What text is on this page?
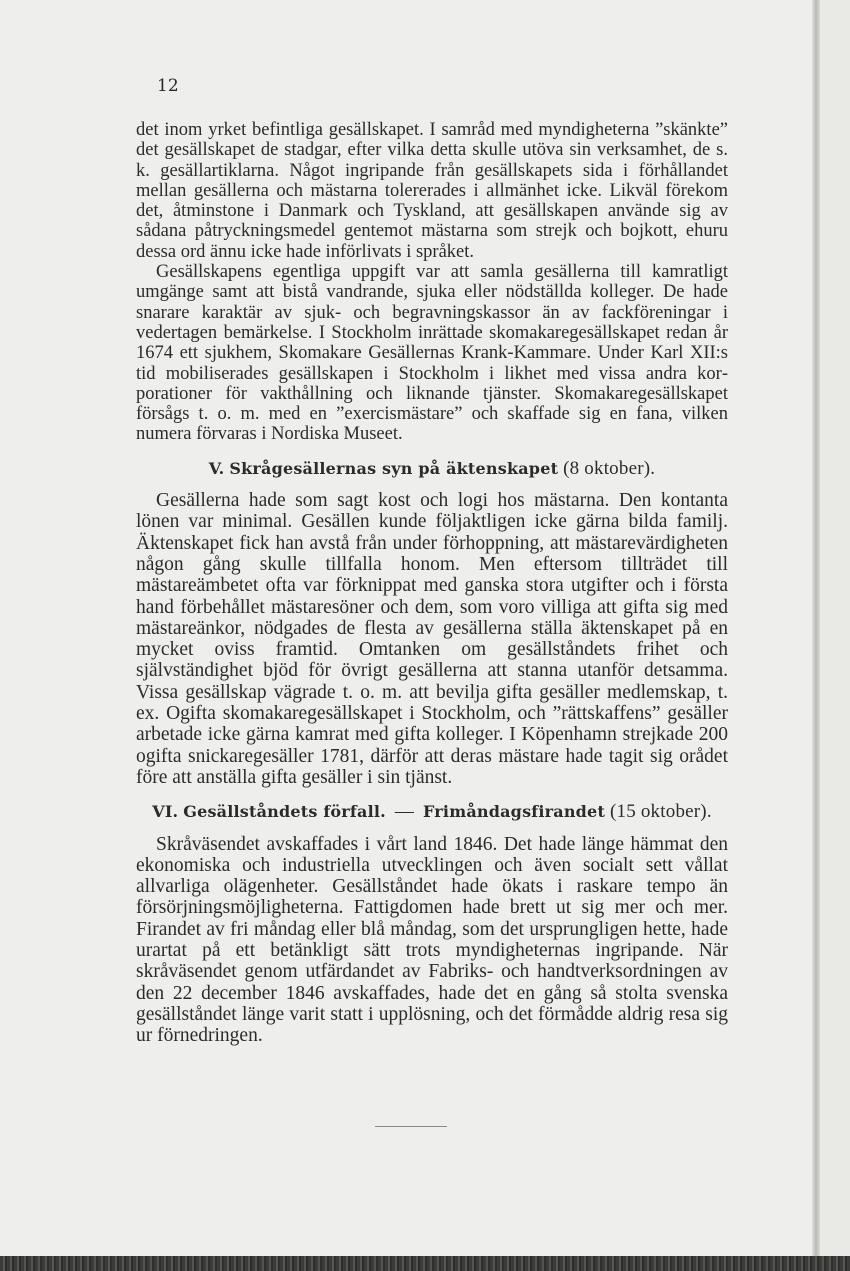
12

det inom yrket befintliga gesällskapet. I samråd med myndigheterna ”skänkte” det gesällskapet de stadgar, efter vilka detta skulle utöva sin verksamhet, de s. k. gesällartiklarna. Något ingripande från gesällskapets sida i förhållandet mellan gesällerna och mästarna tolererades i allmänhet icke. Likväl förekom det, åtminstone i Danmark och Tyskland, att gesällskapen använde sig av sådana påtryckningsmedel gentemot mästarna som strejk och bojkott, ehuru dessa ord ännu icke hade införlivats i språket.

Gesällskapens egentliga uppgift var att samla gesällerna till kamratligt umgänge samt att bistå vandrande, sjuka eller nödställda kolleger. De hade snarare karaktär av sjuk- och begravningskassor än av fackföreningar i vedertagen bemärkelse. I Stockholm inrättade skomakaregesällskapet redan år 1674 ett sjukhem, Skomakare Gesällernas Krank-Kammare. Under Karl XII:s tid mobiliserades gesällskapen i Stockholm i likhet med vissa andra korporationer för vakthållning och liknande tjänster. Skomakaregesällskapet försågs t. o. m. med en ”exercismästare” och skaffade sig en fana, vilken numera förvaras i Nordiska Museet.

V. Skrågesällernas syn på äktenskapet (8 oktober).

Gesällerna hade som sagt kost och logi hos mästarna. Den kontanta lönen var minimal. Gesällen kunde följaktligen icke gärna bilda familj. Äktenskapet fick han avstå från under förhoppning, att mästarevärdigheten någon gång skulle tillfalla honom. Men eftersom tillträdet till mästareämbetet ofta var förknippat med ganska stora utgifter och i första hand förbehållet mästaresöner och dem, som voro villiga att gifta sig med mästareänkor, nödgades de flesta av gesällerna ställa äktenskapet på en mycket oviss framtid. Omtanken om gesällståndets frihet och självständighet bjöd för övrigt gesällerna att stanna utanför detsamma. Vissa gesällskap vägrade t. o. m. att bevilja gifta gesäller medlemskap, t. ex. Ogifta skomakaregesällskapet i Stockholm, och ”rättskaffens” gesäller arbetade icke gärna kamrat med gifta kolleger. I Köpenhamn strejkade 200 ogifta snickaregesäller 1781, därför att deras mästare hade tagit sig orådet före att anställa gifta gesäller i sin tjänst.

VI. Gesällståndets förfall. — Frimåndagsfirandet (15 oktober).

Skråväsendet avskaffades i vårt land 1846. Det hade länge hämmat den ekonomiska och industriella utvecklingen och även socialt sett vållat allvarliga olägenheter. Gesällståndet hade ökats i raskare tempo än försörjningsmöjligheterna. Fattigdomen hade brett ut sig mer och mer. Firandet av fri måndag eller blå måndag, som det ursprungligen hette, hade urartat på ett betänkligt sätt trots myndigheternas ingripande. När skråväsendet genom utfärdandet av Fabriks- och handtverksordningen av den 22 december 1846 avskaffades, hade det en gång så stolta svenska gesällståndet länge varit statt i upplösning, och det förmådde aldrig resa sig ur förnedringen.
